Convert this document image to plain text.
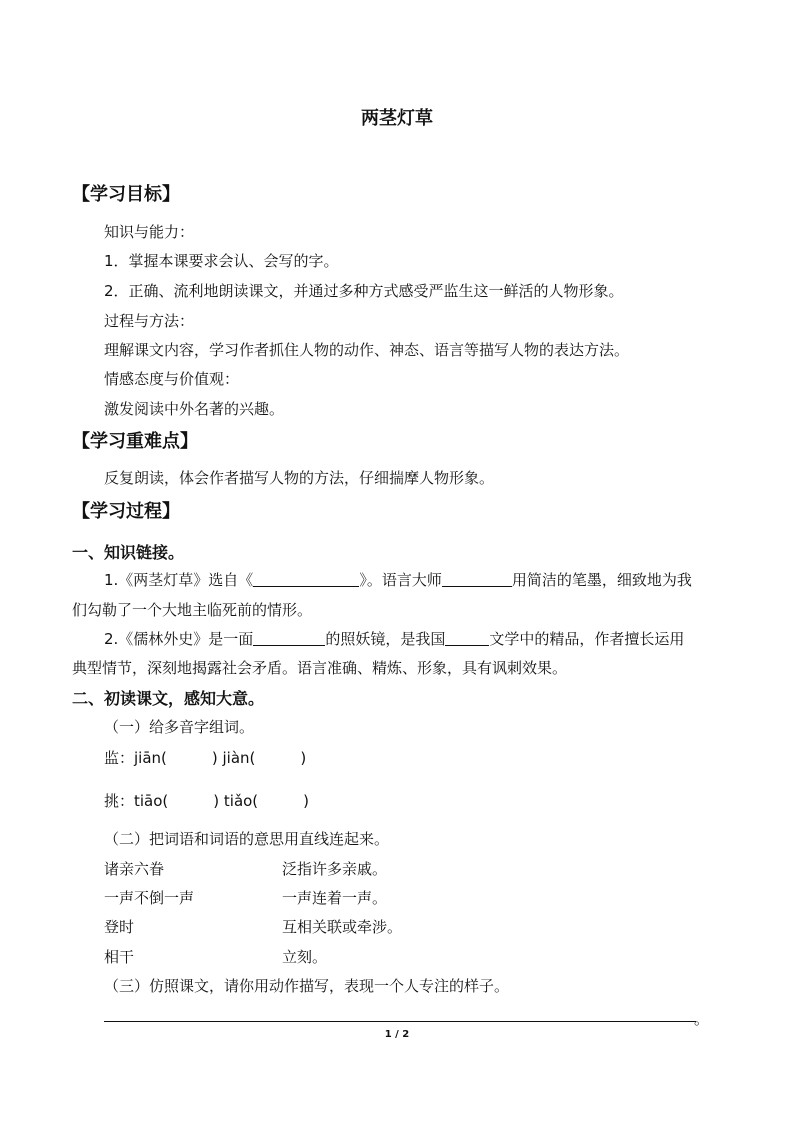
两茎灯草
【学习目标】
知识与能力：
1．掌握本课要求会认、会写的字。
2．正确、流利地朗读课文，并通过多种方式感受严监生这一鲜活的人物形象。
过程与方法：
理解课文内容，学习作者抓住人物的动作、神态、语言等描写人物的表达方法。
情感态度与价值观：
激发阅读中外名著的兴趣。
【学习重难点】
反复朗读，体会作者描写人物的方法，仔细揣摩人物形象。
【学习过程】
一、知识链接。
1.《两茎灯草》选自《	》。语言大师	用简洁的笔墨，细致地为我
们勾勒了一个大地主临死前的情形。
2.《儒林外史》是一面	的照妖镜，是我国	文学中的精品，作者擅长运用
典型情节，深刻地揭露社会矛盾。语言准确、精炼、形象，具有讽刺效果。
二、初读课文，感知大意。
（一）给多音字组词。
监：jiān(　　　) jiàn(　　　)
挑：tiāo(　　　) tiǎo(　　　)
（二）把词语和词语的意思用直线连起来。
诸亲六眷	泛指许多亲戚。
一声不倒一声	一声连着一声。
登时	互相关联或牵涉。
相干	立刻。
（三）仿照课文，请你用动作描写，表现一个人专注的样子。
。
1 / 2
